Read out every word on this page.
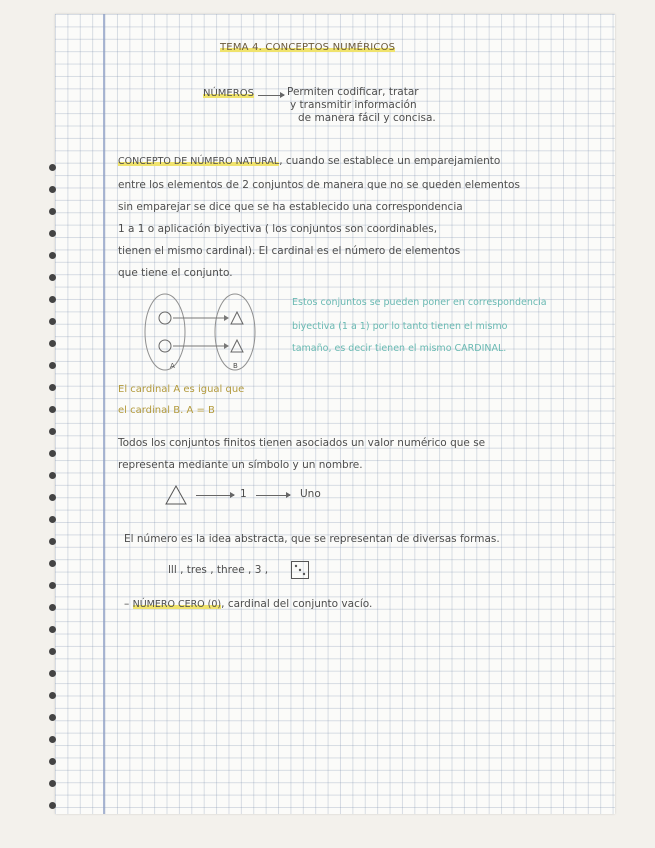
TEMA 4. CONCEPTOS NUMÉRICOS
NÚMEROS	Permiten codificar, tratar
y transmitir información
de manera fácil y concisa.
CONCEPTO DE NÚMERO NATURAL, cuando se establece un emparejamiento
entre los elementos de 2 conjuntos de manera que no se queden elementos
sin emparejar se dice que se ha establecido una correspondencia
1 a 1 o aplicación biyectiva ( los conjuntos son coordinables,
tienen el mismo cardinal). El cardinal es el número de elementos
que tiene el conjunto.
A	B
Estos conjuntos se pueden poner en correspondencia
biyectiva (1 a 1) por lo tanto tienen el mismo
tamaño, es decir tienen el mismo CARDINAL.
El cardinal A es igual que
el cardinal B. A = B
Todos los conjuntos finitos tienen asociados un valor numérico que se
representa mediante un símbolo y un nombre.
1	Uno
El número es la idea abstracta, que se representan de diversas formas.
lll , tres , three , 3 ,
– NÚMERO CERO (0), cardinal del conjunto vacío.
